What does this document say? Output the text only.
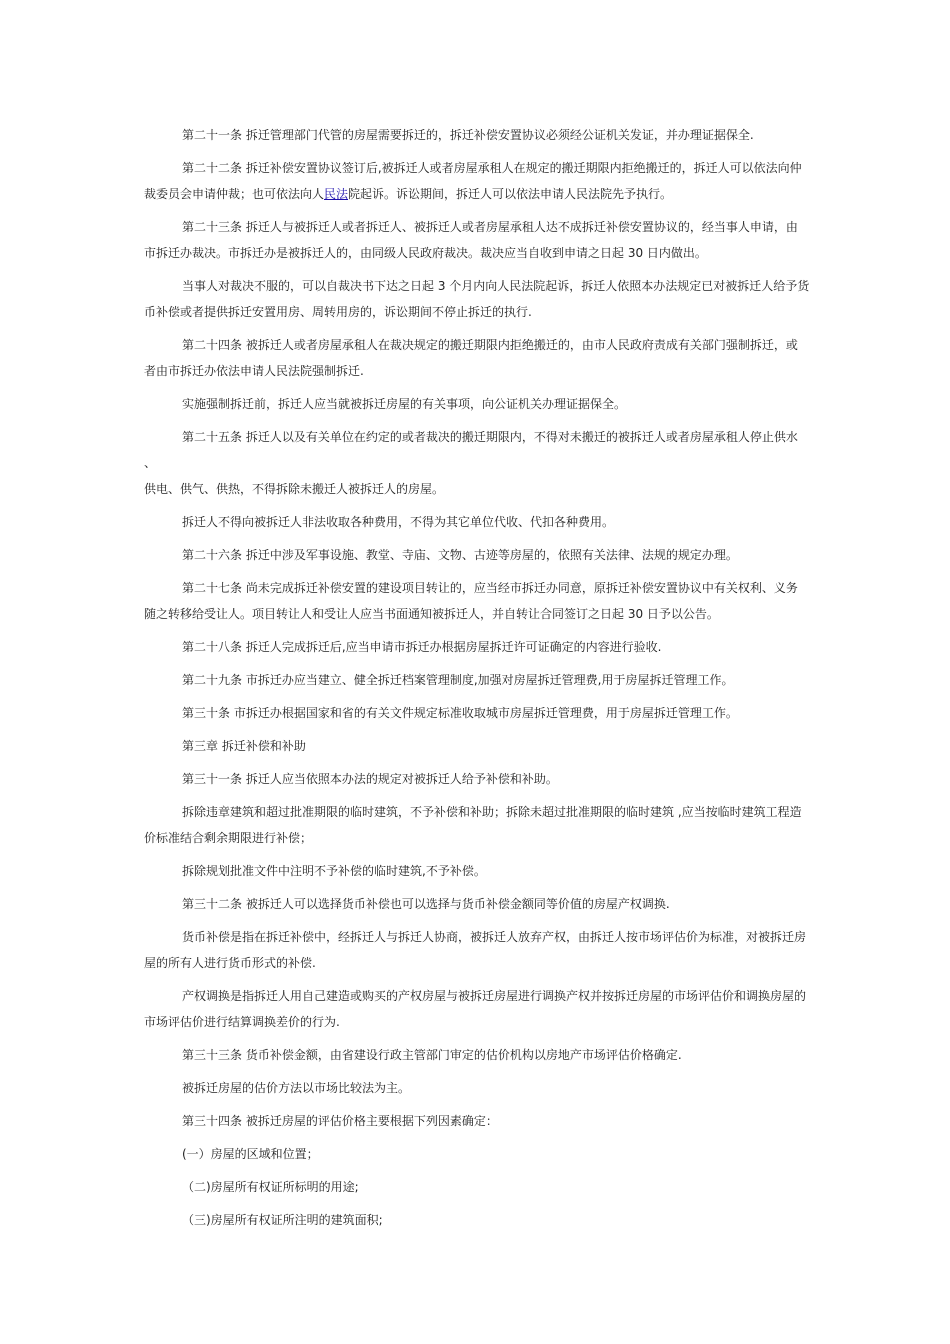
第二十一条 拆迁管理部门代管的房屋需要拆迁的，拆迁补偿安置协议必须经公证机关发证，并办理证据保全.

第二十二条 拆迁补偿安置协议签订后,被拆迁人或者房屋承租人在规定的搬迁期限内拒绝搬迁的，拆迁人可以依法向仲
裁委员会申请仲裁；也可依法向人民法院起诉。诉讼期间，拆迁人可以依法申请人民法院先予执行。

第二十三条 拆迁人与被拆迁人或者拆迁人、被拆迁人或者房屋承租人达不成拆迁补偿安置协议的，经当事人申请，由
市拆迁办裁决。市拆迁办是被拆迁人的，由同级人民政府裁决。裁决应当自收到申请之日起 30 日内做出。

当事人对裁决不服的，可以自裁决书下达之日起 3 个月内向人民法院起诉，拆迁人依照本办法规定已对被拆迁人给予货
币补偿或者提供拆迁安置用房、周转用房的，诉讼期间不停止拆迁的执行.

第二十四条 被拆迁人或者房屋承租人在裁决规定的搬迁期限内拒绝搬迁的，由市人民政府责成有关部门强制拆迁，或
者由市拆迁办依法申请人民法院强制拆迁.

实施强制拆迁前，拆迁人应当就被拆迁房屋的有关事项，向公证机关办理证据保全。

第二十五条 拆迁人以及有关单位在约定的或者裁决的搬迁期限内，不得对未搬迁的被拆迁人或者房屋承租人停止供水 、
供电、供气、供热，不得拆除未搬迁人被拆迁人的房屋。

拆迁人不得向被拆迁人非法收取各种费用，不得为其它单位代收、代扣各种费用。

第二十六条 拆迁中涉及军事设施、教堂、寺庙、文物、古迹等房屋的，依照有关法律、法规的规定办理。

第二十七条 尚未完成拆迁补偿安置的建设项目转让的，应当经市拆迁办同意，原拆迁补偿安置协议中有关权利、义务
随之转移给受让人。项目转让人和受让人应当书面通知被拆迁人，并自转让合同签订之日起 30 日予以公告。

第二十八条 拆迁人完成拆迁后,应当申请市拆迁办根据房屋拆迁许可证确定的内容进行验收.

第二十九条 市拆迁办应当建立、健全拆迁档案管理制度,加强对房屋拆迁管理费,用于房屋拆迁管理工作。

第三十条 市拆迁办根据国家和省的有关文件规定标准收取城市房屋拆迁管理费，用于房屋拆迁管理工作。

第三章 拆迁补偿和补助

第三十一条 拆迁人应当依照本办法的规定对被拆迁人给予补偿和补助。

拆除违章建筑和超过批准期限的临时建筑，不予补偿和补助；拆除未超过批准期限的临时建筑 ,应当按临时建筑工程造
价标准结合剩余期限进行补偿；

拆除规划批准文件中注明不予补偿的临时建筑,不予补偿。

第三十二条 被拆迁人可以选择货币补偿也可以选择与货币补偿金额同等价值的房屋产权调换.

货币补偿是指在拆迁补偿中，经拆迁人与拆迁人协商，被拆迁人放弃产权，由拆迁人按市场评估价为标准，对被拆迁房
屋的所有人进行货币形式的补偿.

产权调换是指拆迁人用自己建造或购买的产权房屋与被拆迁房屋进行调换产权并按拆迁房屋的市场评估价和调换房屋的
市场评估价进行结算调换差价的行为.

第三十三条 货币补偿金额，由省建设行政主管部门审定的估价机构以房地产市场评估价格确定.

被拆迁房屋的估价方法以市场比较法为主。

第三十四条 被拆迁房屋的评估价格主要根据下列因素确定：

(一）房屋的区域和位置；

（二)房屋所有权证所标明的用途;

（三)房屋所有权证所注明的建筑面积;
